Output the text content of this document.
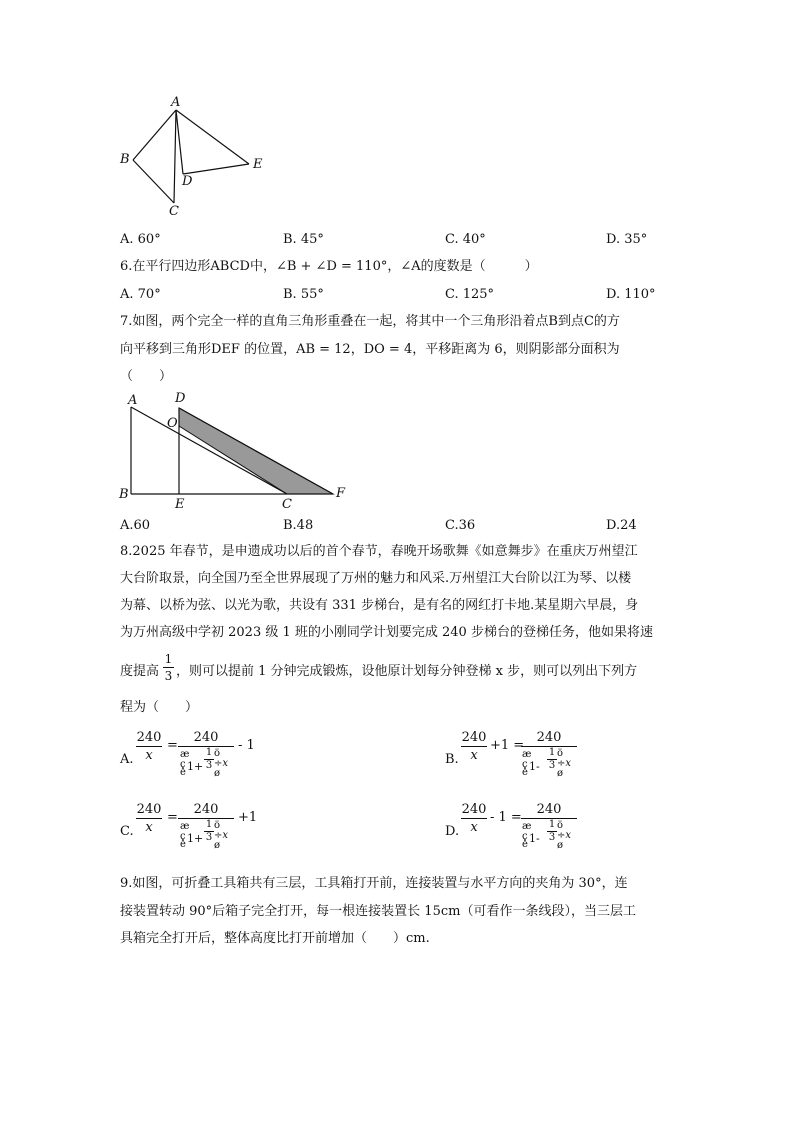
A
B
D
E
C
A. 60°	B. 45°	C. 40°	D. 35°
6.在平行四边形ABCD中，∠B + ∠D = 110°，∠A的度数是（　　　）
A. 70°	B. 55°	C. 125°	D. 110°
7.如图，两个完全一样的直角三角形重叠在一起，将其中一个三角形沿着点B到点C的方
向平移到三角形DEF 的位置，AB = 12，DO = 4，平移距离为 6，则阴影部分面积为
（　　）
A	D
O
B
E	C
F
A.60	B.48	C.36	D.24
8.2025 年春节，是申遗成功以后的首个春节，春晚开场歌舞《如意舞步》在重庆万州望江
大台阶取景，向全国乃至全世界展现了万州的魅力和风采.万州望江大台阶以江为琴、以楼
为幕、以桥为弦、以光为歌，共设有 331 步梯台，是有名的网红打卡地.某星期六早晨，身
为万州高级中学初 2023 级 1 班的小刚同学计划要完成 240 步梯台的登梯任务，他如果将速
度提高
1
3 ，则可以提前 1 分钟完成锻炼，设他原计划每分钟登梯 x 步，则可以列出下列方
程为（　　）
A.
240
x
=
240
æ
ç
è 1 +
1
3
ö
÷x
ø
- 1
B.
240
x
+1 =
240
æ
ç
è 1 -
1
3
ö
÷x
ø
C.
240
x
=
240
æ
ç
è 1 +
1
3
ö
÷x
ø
+1
D.
240
x
- 1 =
240
æ
ç
è 1 -
1
3
ö
÷x
ø
9.如图，可折叠工具箱共有三层，工具箱打开前，连接装置与水平方向的夹角为 30°，连
接装置转动 90°后箱子完全打开，每一根连接装置长 15cm（可看作一条线段），当三层工
具箱完全打开后，整体高度比打开前增加（　　）cm.
